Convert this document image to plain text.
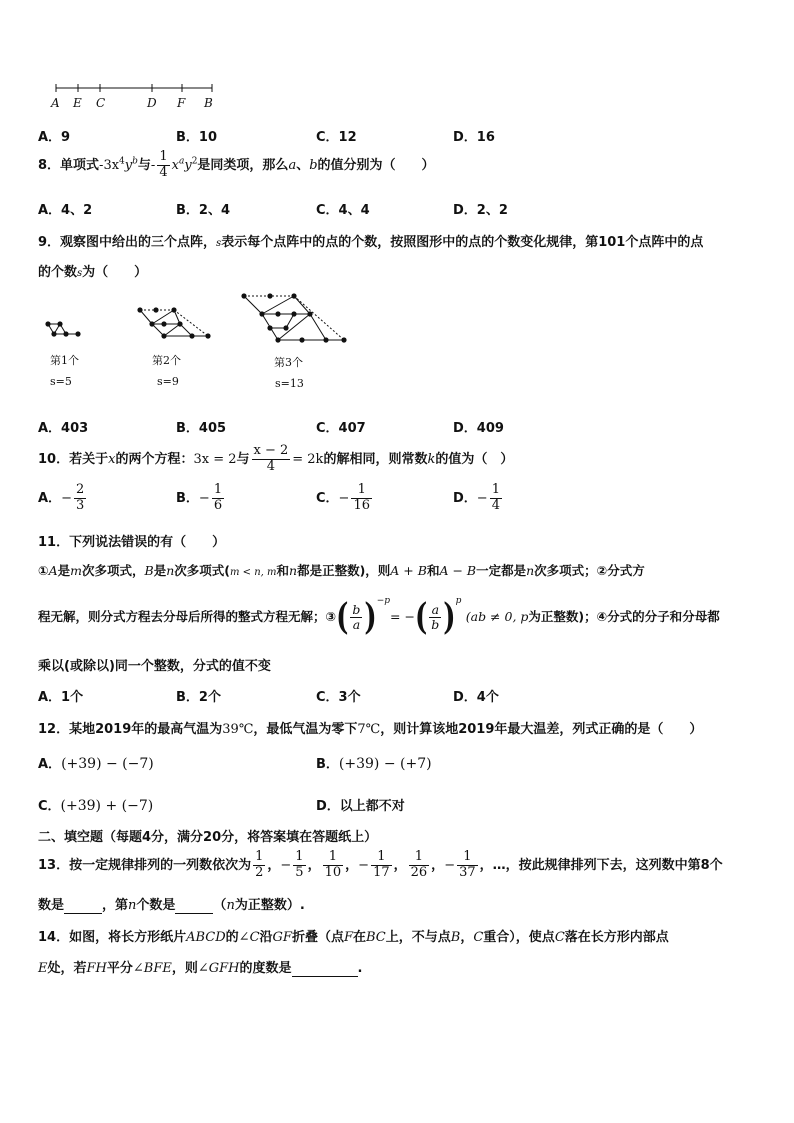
A E C	D F B
A．9	B．10	C．12	D．16
8．单项式$-3x^4y^b$与- $\frac{1}{4} x^ay^2$是同类项，那么a、b的值分别为（　　）
A．4、2	B．2、4	C．4、4	D．2、2
9．观察图中给出的三个点阵，s表示每个点阵中的点的个数，按照图形中的点的个数变化规律，第101个点阵中的点
的个数s为（　　）
第1个	第2个	第3个
s=5	s=9	s=13
A．403	B．405	C．407	D．409
10．若关于x的两个方程：3x = 2与 $\frac{x - 2}{4} = 2k$的解相同，则常数k的值为（　）
A．− $\frac{2}{3}$	B．− $\frac{1}{6}$	C．− $\frac{1}{16}$	D．− $\frac{1}{4}$
11．下列说法错误的有（　　）
①A是m次多项式，B是n次多项式(m < n, m和n都是正整数)，则A + B和A − B一定都是n次多项式；②分式方
程无解，则分式方程去分母后所得的整式方程无解；③( $\frac{b}{a} )^{-p}=$ −( $\frac{a}{b} )^p$ (ab ≠ 0, p为正整数)；④分式的分子和分母都
乘以(或除以)同一个整数，分式的值不变
A．1个	B．2个	C．3个	D．4个
12．某地2019年的最高气温为39℃，最低气温为零下7℃，则计算该地2019年最大温差，列式正确的是（　　）
A．(+39) − (−7)	B．(+39) − (+7)
C．(+39) + (−7)	D．以上都不对
二、填空题（每题4分，满分20分，将答案填在答题纸上）
13．按一定规律排列的一列数依次为 $\frac{1}{2}$ ，− $\frac{1}{5}$ ， $\frac{1}{10}$ ，− $\frac{1}{17}$ ， $\frac{1}{26}$ ，− $\frac{1}{37}$ ，…，按此规律排列下去，这列数中第8个
数是	，第n个数是	（n为正整数）.
14．如图，将长方形纸片ABCD的∠C沿GF折叠（点F在BC上，不与点B，C重合），使点C落在长方形内部点
E处，若FH平分∠BFE，则∠GFH的度数是	.
